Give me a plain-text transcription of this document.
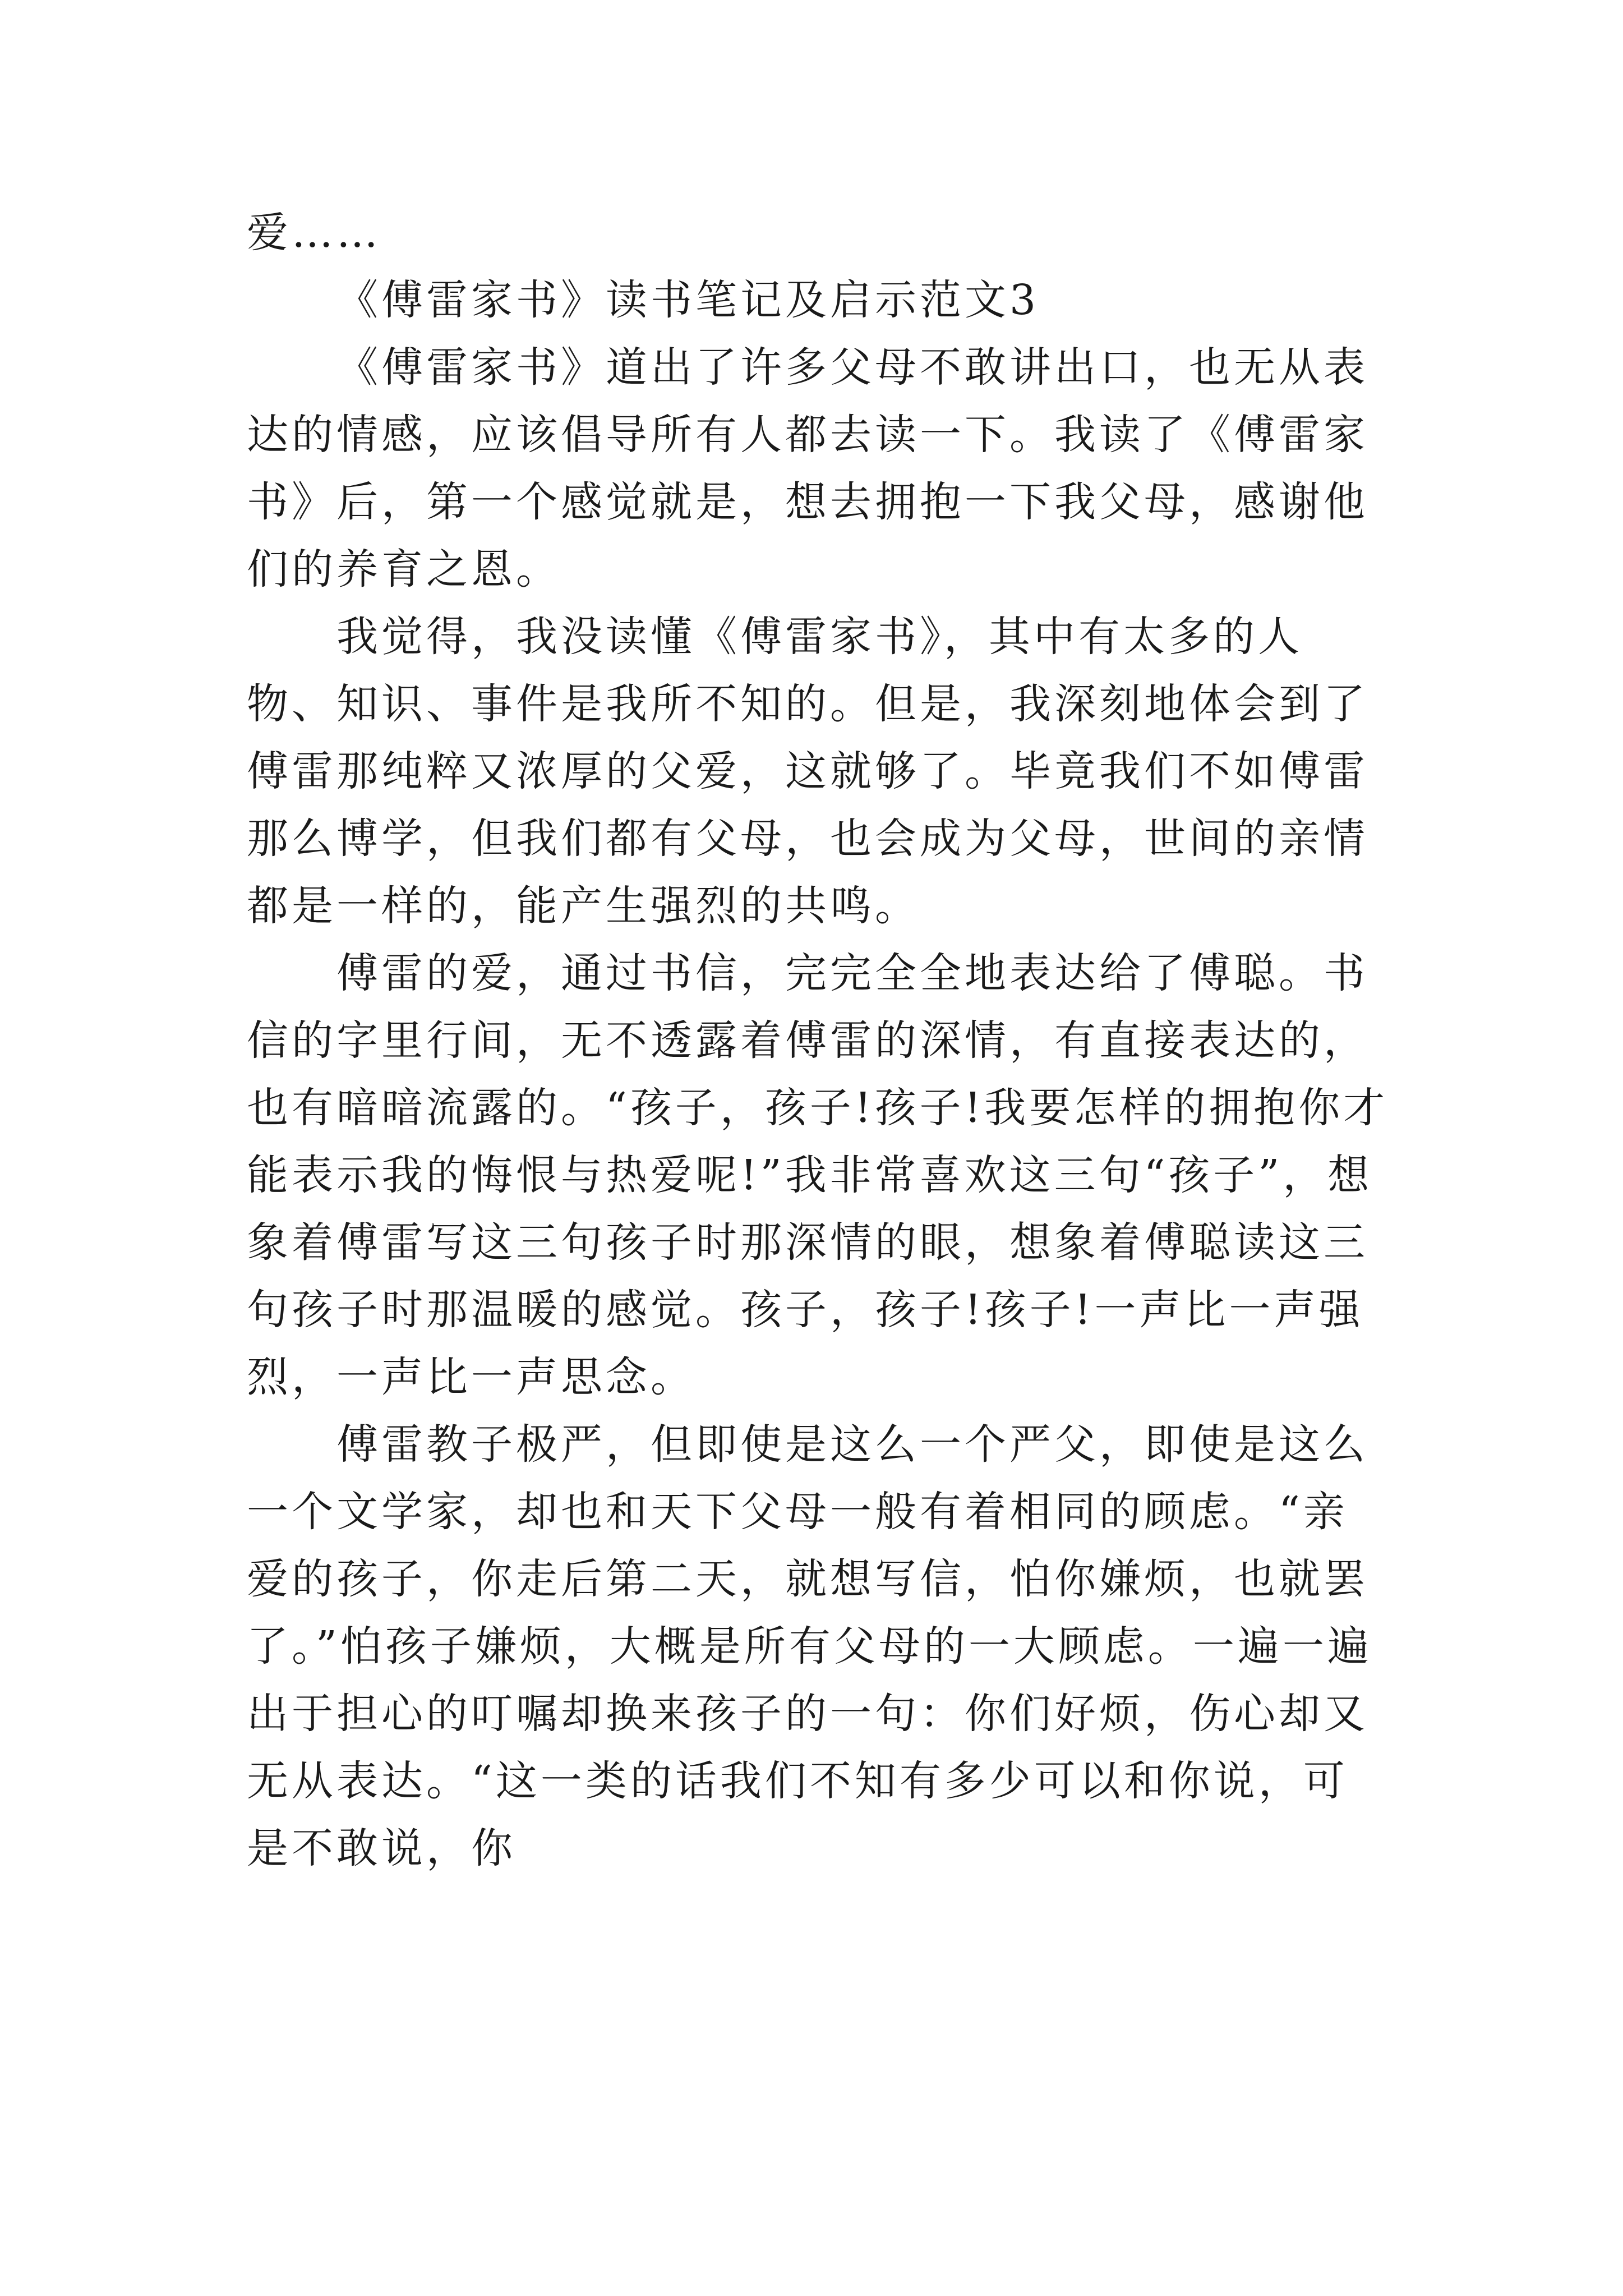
爱……

《傅雷家书》读书笔记及启示范文3

《傅雷家书》道出了许多父母不敢讲出口，也无从表达的情感，应该倡导所有人都去读一下。我读了《傅雷家书》后，第一个感觉就是，想去拥抱一下我父母，感谢他们的养育之恩。

我觉得，我没读懂《傅雷家书》，其中有太多的人物、知识、事件是我所不知的。但是，我深刻地体会到了傅雷那纯粹又浓厚的父爱，这就够了。毕竟我们不如傅雷那么博学，但我们都有父母，也会成为父母，世间的亲情都是一样的，能产生强烈的共鸣。

傅雷的爱，通过书信，完完全全地表达给了傅聪。书信的字里行间，无不透露着傅雷的深情，有直接表达的，也有暗暗流露的。“孩子，孩子!孩子!我要怎样的拥抱你才能表示我的悔恨与热爱呢!”我非常喜欢这三句“孩子”，想象着傅雷写这三句孩子时那深情的眼，想象着傅聪读这三句孩子时那温暖的感觉。孩子，孩子!孩子!一声比一声强烈，一声比一声思念。

傅雷教子极严，但即使是这么一个严父，即使是这么一个文学家，却也和天下父母一般有着相同的顾虑。“亲爱的孩子，你走后第二天，就想写信，怕你嫌烦，也就罢了。”怕孩子嫌烦，大概是所有父母的一大顾虑。一遍一遍出于担心的叮嘱却换来孩子的一句：你们好烦，伤心却又无从表达。“这一类的话我们不知有多少可以和你说，可是不敢说，你
